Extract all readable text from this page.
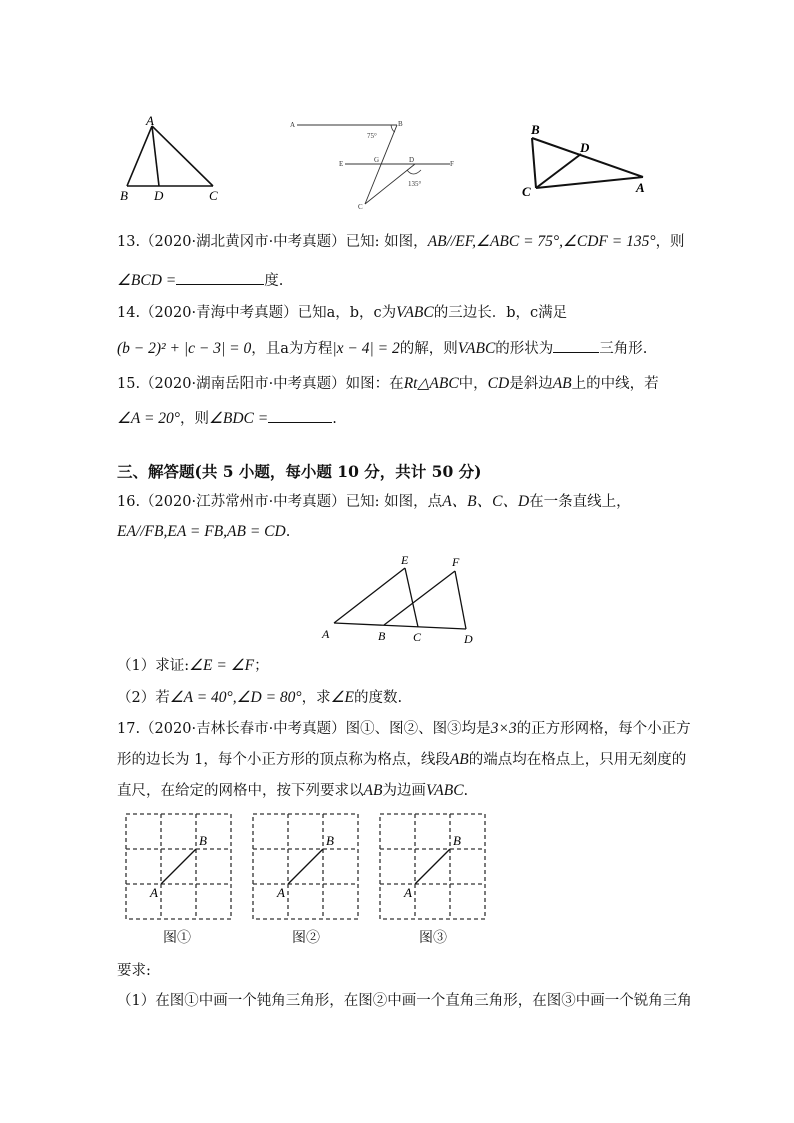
A
B D	C
A	B
E	G	D	F
C
75°
135°
B
D
C	A
13.（2020·湖北黄冈市·中考真题）已知: 如图，AB//EF,∠ABC = 75°,∠CDF = 135°，则
∠BCD =	度.
14.（2020·青海中考真题）已知a，b，c为VABC的三边长．b，c满足
(b − 2)² + |c − 3| = 0，且a为方程|x − 4| = 2的解，则VABC的形状为	三角形.
15.（2020·湖南岳阳市·中考真题）如图：在Rt△ABC中，CD是斜边AB上的中线，若
∠A = 20°，则∠BDC =	.
三、解答题(共 5 小题，每小题 10 分，共计 50 分)
16.（2020·江苏常州市·中考真题）已知: 如图，点A、B、C、D在一条直线上，
EA//FB,EA = FB,AB = CD.
E	F
A	B C	D
（1）求证:∠E = ∠F；
（2）若∠A = 40°,∠D = 80°，求∠E的度数.
17.（2020·吉林长春市·中考真题）图①、图②、图③均是3×3的正方形网格，每个小正方
形的边长为 1，每个小正方形的顶点称为格点，线段AB的端点均在格点上，只用无刻度的
直尺，在给定的网格中，按下列要求以AB为边画VABC.
A
B
A
B
A
B
图①	图②	图③
要求:
（1）在图①中画一个钝角三角形，在图②中画一个直角三角形，在图③中画一个锐角三角
